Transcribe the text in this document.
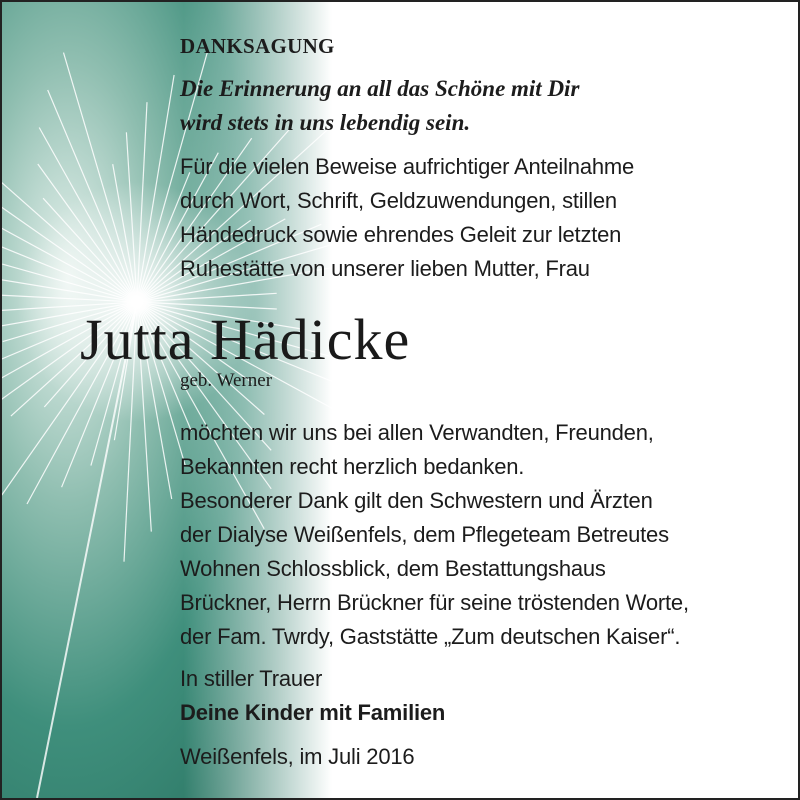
DANKSAGUNG
Die Erinnerung an all das Schöne mit Dir
wird stets in uns lebendig sein.
Für die vielen Beweise aufrichtiger Anteilnahme
durch Wort, Schrift, Geldzuwendungen, stillen
Händedruck sowie ehrendes Geleit zur letzten
Ruhestätte von unserer lieben Mutter, Frau
Jutta Hädicke
geb. Werner
möchten wir uns bei allen Verwandten, Freunden,
Bekannten recht herzlich bedanken.
Besonderer Dank gilt den Schwestern und Ärzten
der Dialyse Weißenfels, dem Pflegeteam Betreutes
Wohnen Schlossblick, dem Bestattungshaus
Brückner, Herrn Brückner für seine tröstenden Worte,
der Fam. Twrdy, Gaststätte „Zum deutschen Kaiser“.
In stiller Trauer
Deine Kinder mit Familien
Weißenfels, im Juli 2016
